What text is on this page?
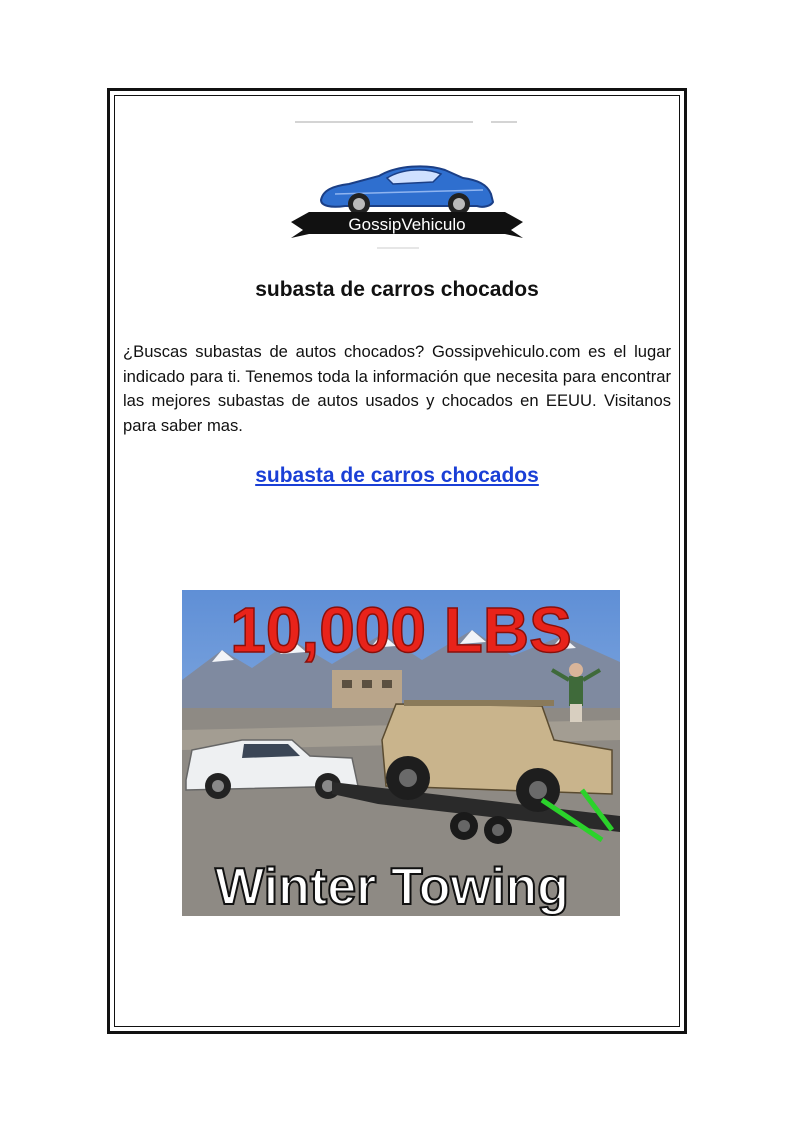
GossipVehiculo
subasta de carros chocados

¿Buscas subastas de autos chocados? Gossipvehiculo.com es el lugar indicado para ti. Tenemos toda la información que necesita para encontrar las mejores subastas de autos usados y chocados en EEUU. Visitanos para saber mas.

subasta de carros chocados
10,000 LBS
Winter Towing
